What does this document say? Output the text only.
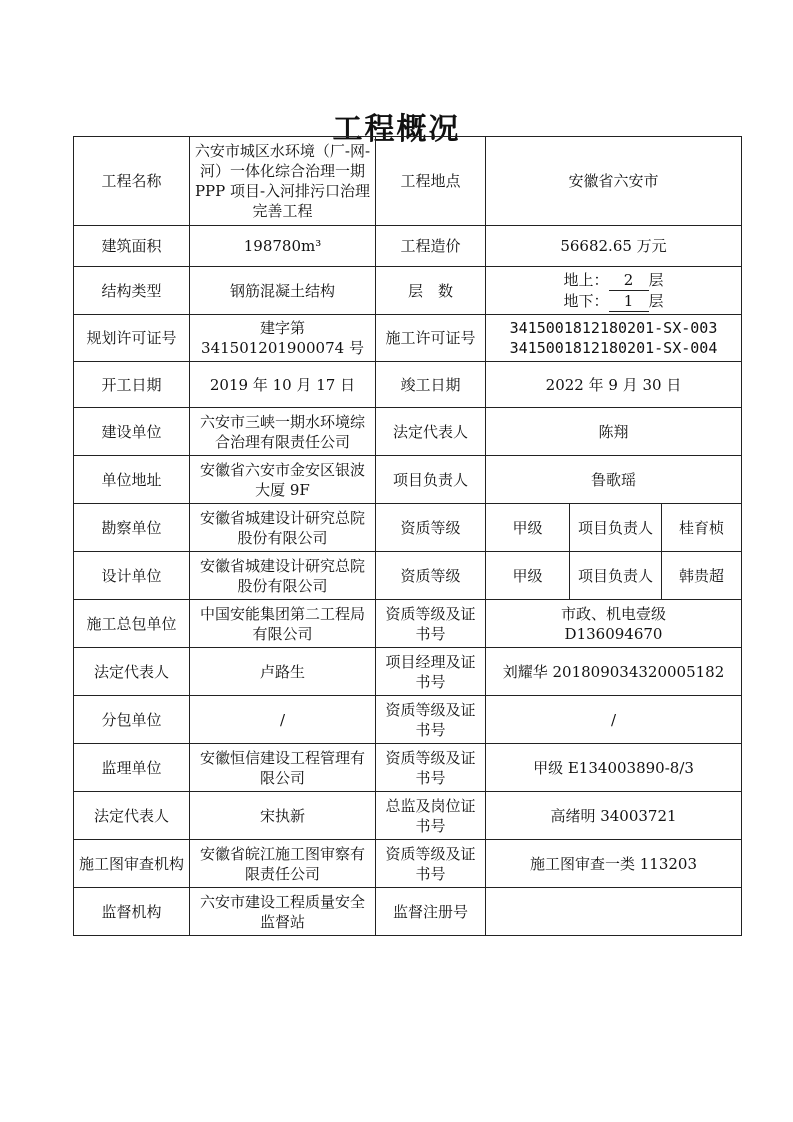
工程概况
工程名称	六安市城区水环境（厂-网-河）一体化综合治理一期 PPP 项目-入河排污口治理完善工程	工程地点	安徽省六安市		
建筑面积	198780m³	工程造价	56682.65 万元		
结构类型	钢筋混凝土结构	层　数	地上： 2 层
地下： 1 层		

规划许可证号	建字第 341501201900074 号	施工许可证号	3415001812180201-SX-003
3415001812180201-SX-004		

开工日期	2019 年 10 月 17 日	竣工日期	2022 年 9 月 30 日		
建设单位	六安市三峡一期水环境综合治理有限责任公司	法定代表人	陈翔		
单位地址	安徽省六安市金安区银波大厦 9F	项目负责人	鲁歌瑶		
勘察单位	安徽省城建设计研究总院股份有限公司	资质等级	甲级	项目负责人	桂育桢
设计单位	安徽省城建设计研究总院股份有限公司	资质等级	甲级	项目负责人	韩贵超
施工总包单位	中国安能集团第二工程局有限公司	资质等级及证书号	市政、机电壹级
D136094670		

法定代表人	卢路生	项目经理及证书号	刘耀华 201809034320005182		
分包单位	/	资质等级及证书号	/		
监理单位	安徽恒信建设工程管理有限公司	资质等级及证书号	甲级 E134003890-8/3		
法定代表人	宋执新	总监及岗位证书号	高绪明 34003721		
施工图审查机构	安徽省皖江施工图审察有限责任公司	资质等级及证书号	施工图审查一类 113203		
监督机构	六安市建设工程质量安全监督站	监督注册号			
